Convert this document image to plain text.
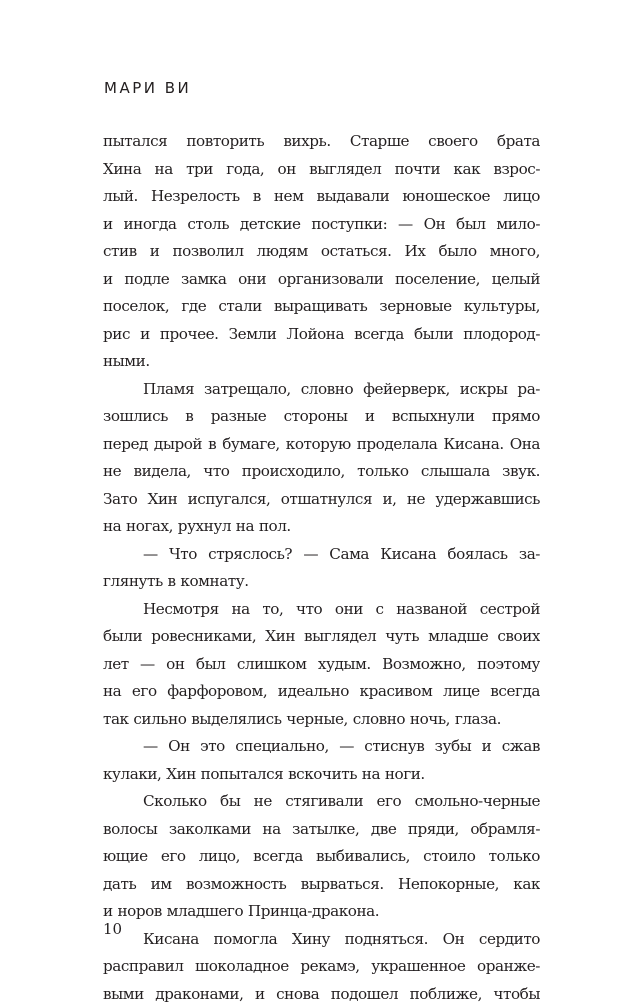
МАРИ ВИ
пытался повторить вихрь. Старше своего брата
Хина на три года, он выглядел почти как взрос-
лый. Незрелость в нем выдавали юношеское лицо
и иногда столь детские поступки: — Он был мило-
стив и позволил людям остаться. Их было много,
и подле замка они организовали поселение, целый
поселок, где стали выращивать зерновые культуры,
рис и прочее. Земли Лойона всегда были плодород-
ными.
Пламя затрещало, словно фейерверк, искры ра-
зошлись в разные стороны и вспыхнули прямо
перед дырой в бумаге, которую проделала Кисана. Она
не видела, что происходило, только слышала звук.
Зато Хин испугался, отшатнулся и, не удержавшись
на ногах, рухнул на пол.
— Что стряслось? — Сама Кисана боялась за-
глянуть в комнату.
Несмотря на то, что они с названой сестрой
были ровесниками, Хин выглядел чуть младше своих
лет — он был слишком худым. Возможно, поэтому
на его фарфоровом, идеально красивом лице всегда
так сильно выделялись черные, словно ночь, глаза.
— Он это специально, — стиснув зубы и сжав
кулаки, Хин попытался вскочить на ноги.
Сколько бы не стягивали его смольно-черные
волосы заколками на затылке, две пряди, обрамля-
ющие его лицо, всегда выбивались, стоило только
дать им возможность вырваться. Непокорные, как
и норов младшего Принца-дракона.
Кисана помогла Хину подняться. Он сердито
расправил шоколадное рекамэ, украшенное оранже-
выми драконами, и снова подошел поближе, чтобы
10
